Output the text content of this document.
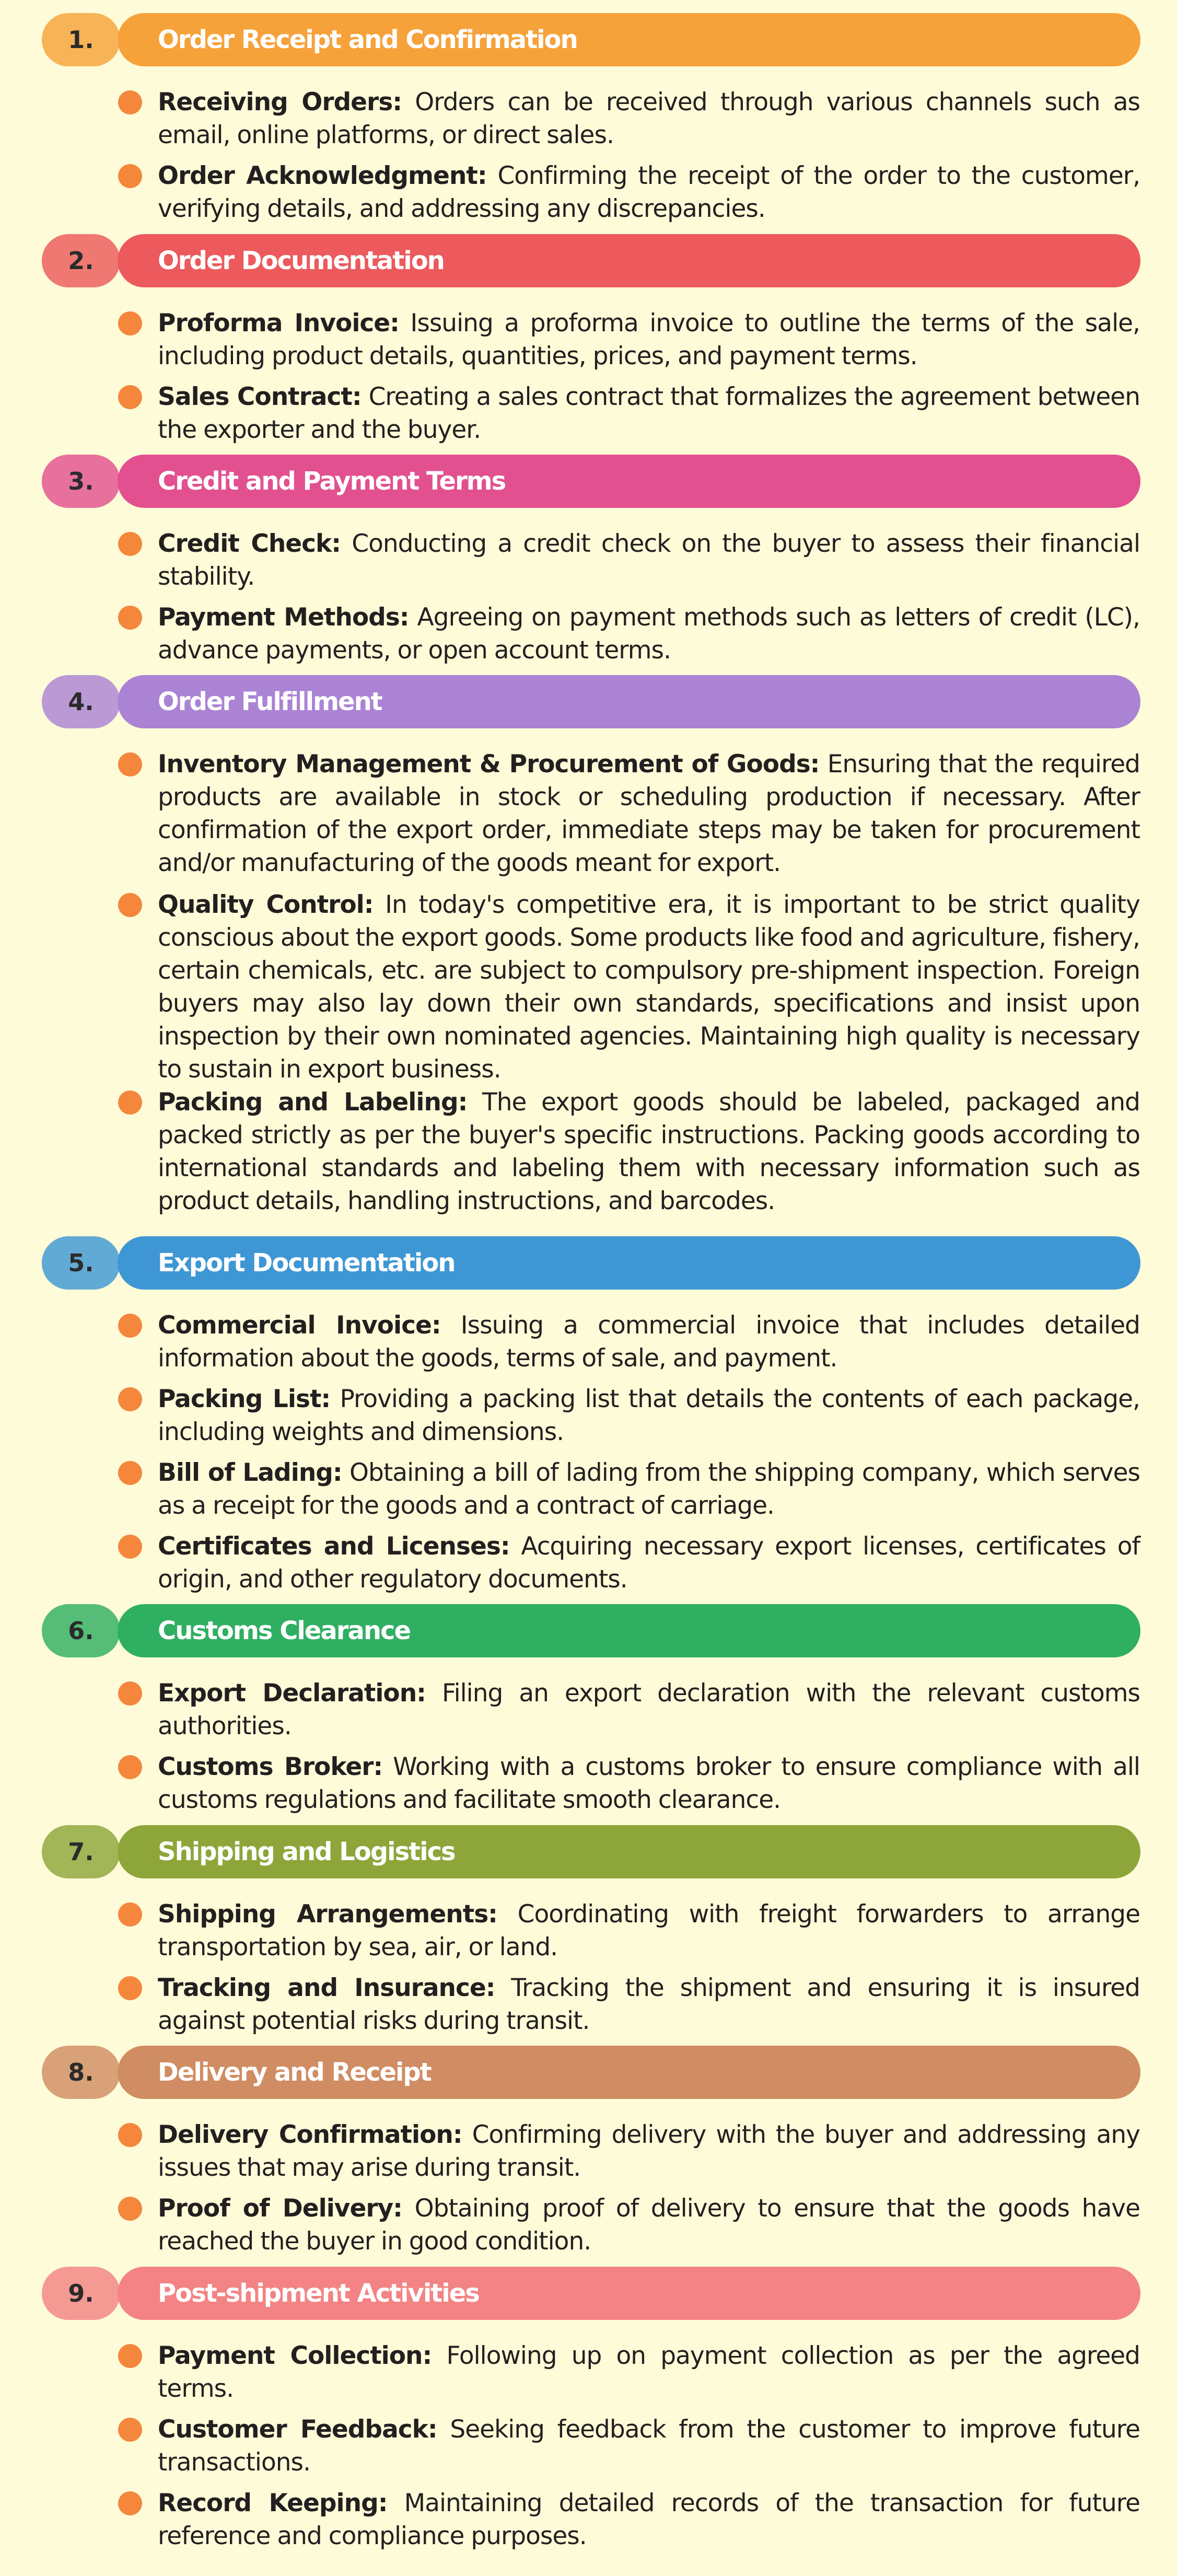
1.	Order Receipt and Confirmation
Receiving Orders: Orders can be received through various channels such as email, online platforms, or direct sales.
Order Acknowledgment: Confirming the receipt of the order to the customer, verifying details, and addressing any discrepancies.
2.	Order Documentation
Proforma Invoice: Issuing a proforma invoice to outline the terms of the sale, including product details, quantities, prices, and payment terms.
Sales Contract: Creating a sales contract that formalizes the agreement between the exporter and the buyer.
3.	Credit and Payment Terms
Credit Check: Conducting a credit check on the buyer to assess their financial stability.
Payment Methods: Agreeing on payment methods such as letters of credit (LC), advance payments, or open account terms.
4.	Order Fulfillment
Inventory Management & Procurement of Goods: Ensuring that the required products are available in stock or scheduling production if necessary. After confirmation of the export order, immediate steps may be taken for procurement and/or manufacturing of the goods meant for export.
Quality Control: In today's competitive era, it is important to be strict quality conscious about the export goods. Some products like food and agriculture, fishery, certain chemicals, etc. are subject to compulsory pre-shipment inspection. Foreign buyers may also lay down their own standards, specifications and insist upon inspection by their own nominated agencies. Maintaining high quality is necessary to sustain in export business.
Packing and Labeling: The export goods should be labeled, packaged and packed strictly as per the buyer's specific instructions. Packing goods according to international standards and labeling them with necessary information such as product details, handling instructions, and barcodes.
5.	Export Documentation
Commercial Invoice: Issuing a commercial invoice that includes detailed information about the goods, terms of sale, and payment.
Packing List: Providing a packing list that details the contents of each package, including weights and dimensions.
Bill of Lading: Obtaining a bill of lading from the shipping company, which serves as a receipt for the goods and a contract of carriage.
Certificates and Licenses: Acquiring necessary export licenses, certificates of origin, and other regulatory documents.
6.	Customs Clearance
Export Declaration: Filing an export declaration with the relevant customs authorities.
Customs Broker: Working with a customs broker to ensure compliance with all customs regulations and facilitate smooth clearance.
7.	Shipping and Logistics
Shipping Arrangements: Coordinating with freight forwarders to arrange transportation by sea, air, or land.
Tracking and Insurance: Tracking the shipment and ensuring it is insured against potential risks during transit.
8.	Delivery and Receipt
Delivery Confirmation: Confirming delivery with the buyer and addressing any issues that may arise during transit.
Proof of Delivery: Obtaining proof of delivery to ensure that the goods have reached the buyer in good condition.
9.	Post-shipment Activities
Payment Collection: Following up on payment collection as per the agreed terms.
Customer Feedback: Seeking feedback from the customer to improve future transactions.
Record Keeping: Maintaining detailed records of the transaction for future reference and compliance purposes.
